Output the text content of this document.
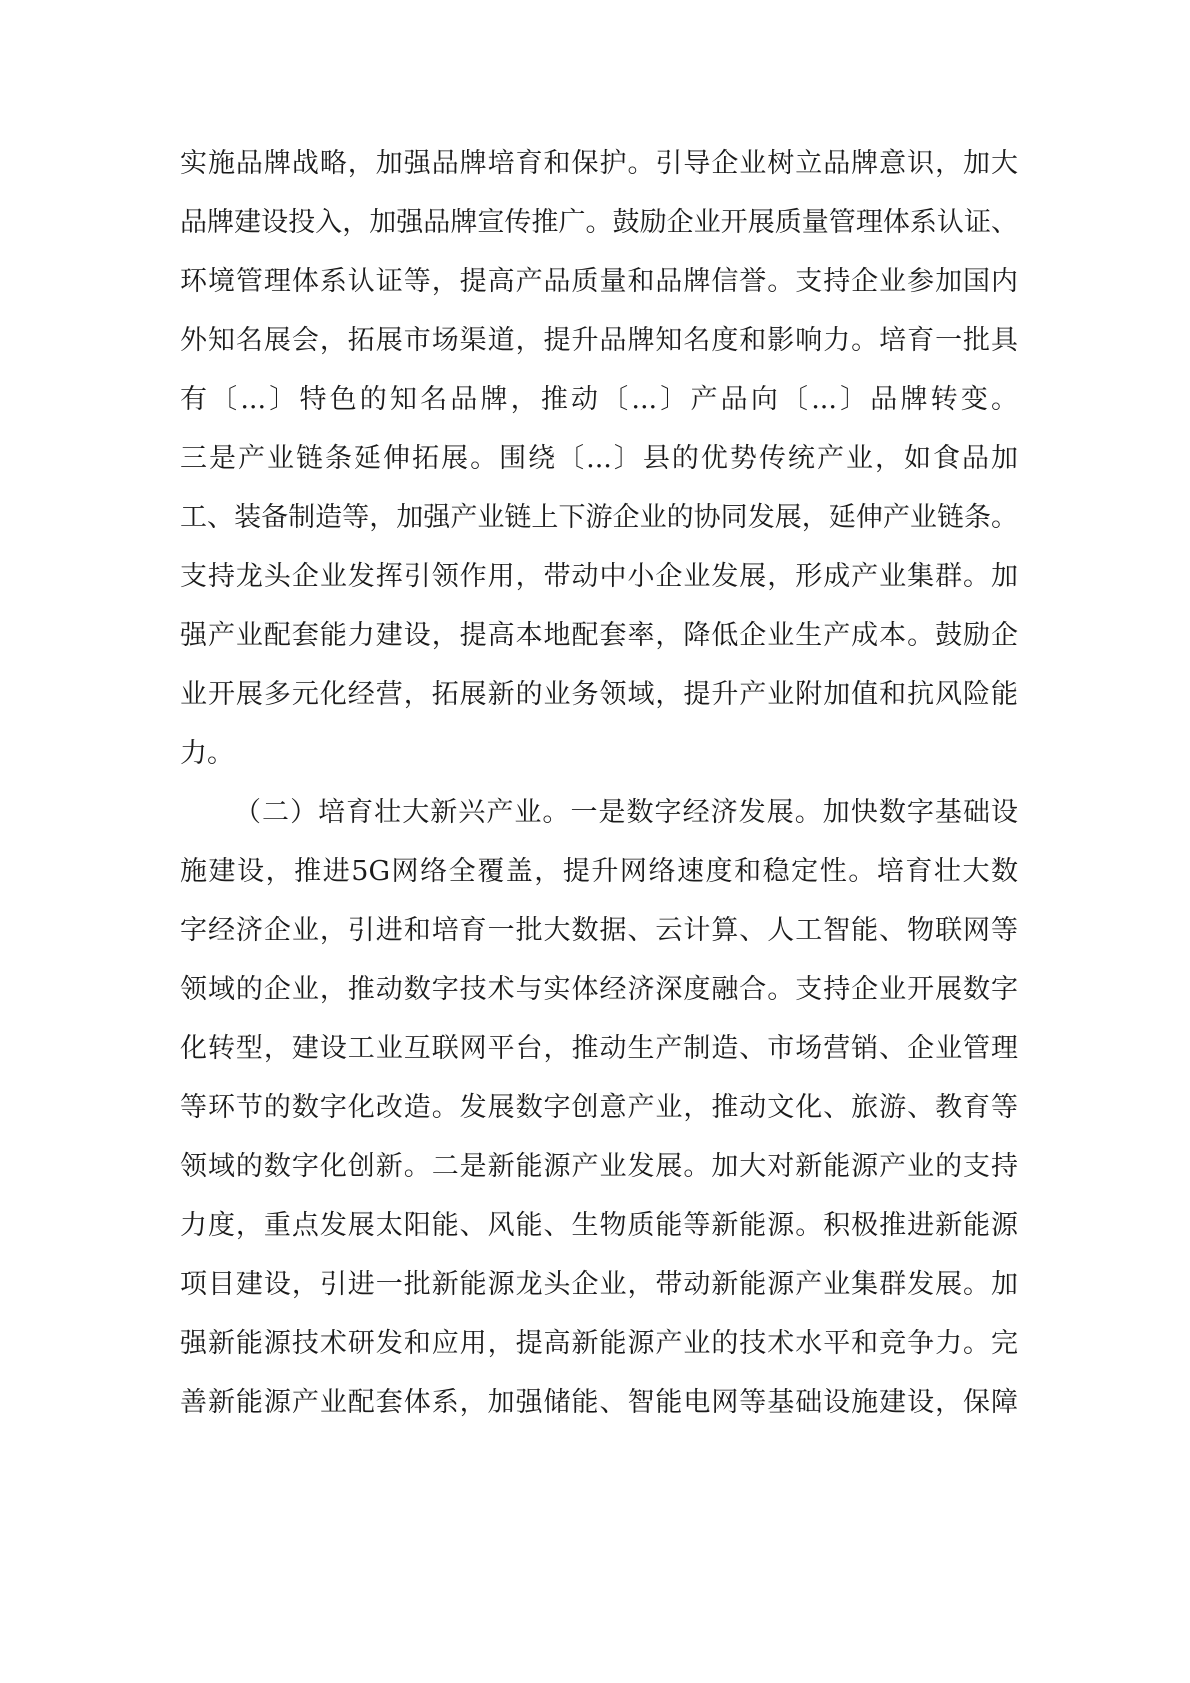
实施品牌战略，加强品牌培育和保护。引导企业树立品牌意识，加大
品牌建设投入，加强品牌宣传推广。鼓励企业开展质量管理体系认证、
环境管理体系认证等，提高产品质量和品牌信誉。支持企业参加国内
外知名展会，拓展市场渠道，提升品牌知名度和影响力。培育一批具
有〔...〕特色的知名品牌，推动〔...〕产品向〔...〕品牌转变。
三是产业链条延伸拓展。围绕〔...〕县的优势传统产业，如食品加
工、装备制造等，加强产业链上下游企业的协同发展，延伸产业链条。
支持龙头企业发挥引领作用，带动中小企业发展，形成产业集群。加
强产业配套能力建设，提高本地配套率，降低企业生产成本。鼓励企
业开展多元化经营，拓展新的业务领域，提升产业附加值和抗风险能
力。
（二）培育壮大新兴产业。一是数字经济发展。加快数字基础设
施建设，推进5G网络全覆盖，提升网络速度和稳定性。培育壮大数
字经济企业，引进和培育一批大数据、云计算、人工智能、物联网等
领域的企业，推动数字技术与实体经济深度融合。支持企业开展数字
化转型，建设工业互联网平台，推动生产制造、市场营销、企业管理
等环节的数字化改造。发展数字创意产业，推动文化、旅游、教育等
领域的数字化创新。二是新能源产业发展。加大对新能源产业的支持
力度，重点发展太阳能、风能、生物质能等新能源。积极推进新能源
项目建设，引进一批新能源龙头企业，带动新能源产业集群发展。加
强新能源技术研发和应用，提高新能源产业的技术水平和竞争力。完
善新能源产业配套体系，加强储能、智能电网等基础设施建设，保障
